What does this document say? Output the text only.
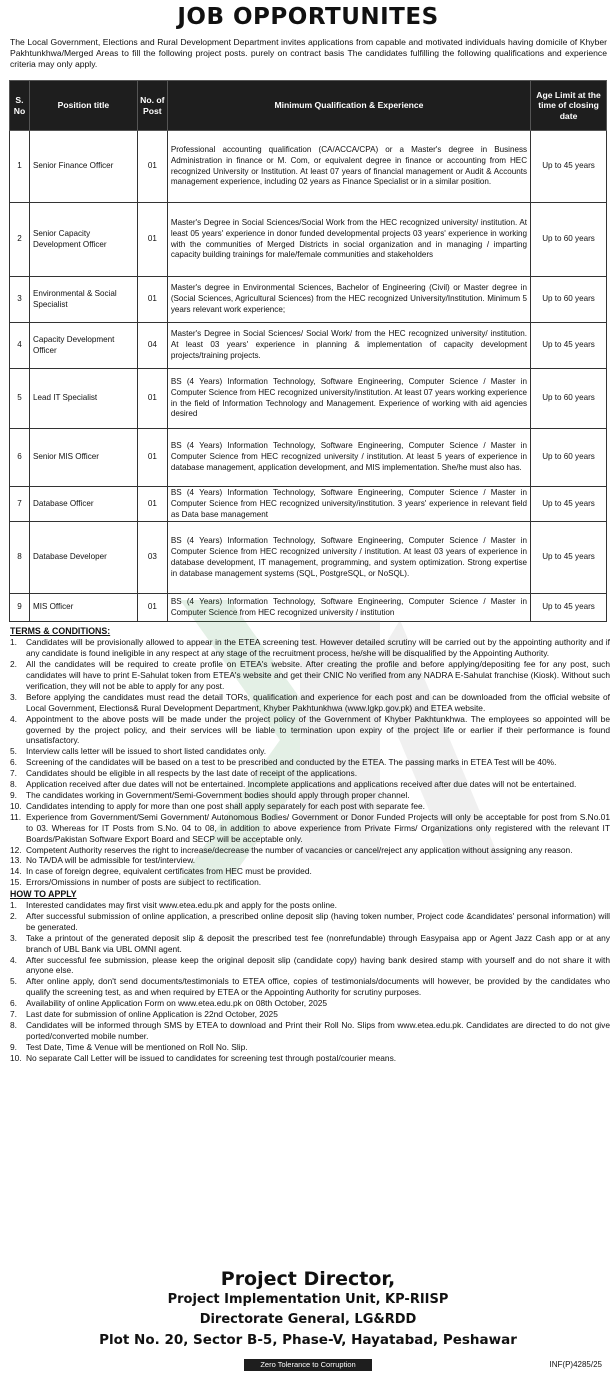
JOB OPPORTUNITES
The Local Government, Elections and Rural Development Department invites applications from capable and motivated individuals having domicile of Khyber Pakhtunkhwa/Merged Areas to fill the following project posts. purely on contract basis The candidates fulfilling the following qualifications and experience criteria may only apply.
S. No	Position title	No. of Post	Minimum Qualification & Experience	Age Limit at the time of closing date
1	Senior Finance Officer	01	Professional accounting qualification (CA/ACCA/CPA) or a Master's degree in Business Administration in finance or M. Com, or equivalent degree in finance or accounting from HEC recognized University or Institution. At least 07 years of financial management or Audit & Accounts management experience, including 02 years as Finance Specialist or in a similar position.	Up to 45 years
2	Senior Capacity Development Officer	01	Master's Degree in Social Sciences/Social Work from the HEC recognized university/ institution. At least 05 years' experience in donor funded developmental projects 03 years' experience in working with the communities of Merged Districts in social organization and in managing / imparting capacity building trainings for male/female communities and stakeholders	Up to 60 years
3	Environmental & Social Specialist	01	Master's degree in Environmental Sciences, Bachelor of Engineering (Civil) or Master degree in (Social Sciences, Agricultural Sciences) from the HEC recognized University/Institution. Minimum 5 years relevant work experience;	Up to 60 years
4	Capacity Development Officer	04	Master's Degree in Social Sciences/ Social Work/ from the HEC recognized university/ institution. At least 03 years' experience in planning & implementation of capacity development projects/training projects.	Up to 45 years
5	Lead IT Specialist	01	BS (4 Years) Information Technology, Software Engineering, Computer Science / Master in Computer Science from HEC recognized university/institution. At least 07 years working experience in the field of Information Technology and Management. Experience of working with aid agencies desired	Up to 60 years
6	Senior MIS Officer	01	BS (4 Years) Information Technology, Software Engineering, Computer Science / Master in Computer Science from HEC recognized university / institution. At least 5 years of experience in database management, application development, and MIS implementation. She/he must also has.	Up to 60 years
7	Database Officer	01	BS (4 Years) Information Technology, Software Engineering, Computer Science / Master in Computer Science from HEC recognized university/institution. 3 years' experience in relevant field as Data base management	Up to 45 years
8	Database Developer	03	BS (4 Years) Information Technology, Software Engineering, Computer Science / Master in Computer Science from HEC recognized university / institution. At least 03 years of experience in database development, IT management, programming, and system optimization. Strong expertise in database management systems (SQL, PostgreSQL, or NoSQL).	Up to 45 years
9	MIS Officer	01	BS (4 Years) Information Technology, Software Engineering, Computer Science / Master in Computer Science from HEC recognized university / institution	Up to 45 years
TERMS & CONDITIONS:
1.	Candidates will be provisionally allowed to appear in the ETEA screening test. However detailed scrutiny will be carried out by the appointing authority and if any candidate is found ineligible in any respect at any stage of the recruitment process, he/she will be disqualified by the Appointing Authority.
2.	All the candidates will be required to create profile on ETEA's website. After creating the profile and before applying/depositing fee for any post, such candidates will have to print E-Sahulat token from ETEA's website and get their CNIC No verified from any NADRA E-Sahulat franchise (Kiosk). Without such verification, they will not be able to apply for any post.
3.	Before applying the candidates must read the detail TORs, qualification and experience for each post and can be downloaded from the official website of Local Government, Elections& Rural Development Department, Khyber Pakhtunkhwa (www.lgkp.gov.pk) and ETEA website.
4.	Appointment to the above posts will be made under the project policy of the Government of Khyber Pakhtunkhwa. The employees so appointed will be governed by the project policy, and their services will be liable to termination upon expiry of the project life or earlier if their performance is found unsatisfactory.
5.	Interview calls letter will be issued to short listed candidates only.
6.	Screening of the candidates will be based on a test to be prescribed and conducted by the ETEA. The passing marks in ETEA Test will be 40%.
7.	Candidates should be eligible in all respects by the last date of receipt of the applications.
8.	Application received after due dates will not be entertained. Incomplete applications and applications received after due dates will not be entertained.
9.	The candidates working in Government/Semi-Government bodies should apply through proper channel.
10. Candidates intending to apply for more than one post shall apply separately for each post with separate fee.
11. Experience from Government/Semi Government/ Autonomous Bodies/ Government or Donor Funded Projects will only be acceptable for post from S.No.01 to 03. Whereas for IT Posts from S.No. 04 to 08, in addition to above experience from Private Firms/ Organizations only registered with the relevant IT Boards/Pakistan Software Export Board and SECP will be acceptable only.
12. Competent Authority reserves the right to increase/decrease the number of vacancies or cancel/reject any application without assigning any reason.
13. No TA/DA will be admissible for test/interview.
14. In case of foreign degree, equivalent certificates from HEC must be provided.
15. Errors/Omissions in number of posts are subject to rectification.
HOW TO APPLY
1.	Interested candidates may first visit www.etea.edu.pk and apply for the posts online.
2.	After successful submission of online application, a prescribed online deposit slip (having token number, Project code &candidates' personal information) will be generated.
3.	Take a printout of the generated deposit slip & deposit the prescribed test fee (nonrefundable) through Easypaisa app or Agent Jazz Cash app or at any branch of UBL Bank via UBL OMNI agent.
4.	After successful fee submission, please keep the original deposit slip (candidate copy) having bank desired stamp with yourself and do not share it with anyone else.
5.	After online apply, don't send documents/testimonials to ETEA office, copies of testimonials/documents will however, be provided by the candidates who qualify the screening test, as and when required by ETEA or the Appointing Authority for scrutiny purposes.
6.	Availability of online Application Form on www.etea.edu.pk on 08th October, 2025
7.	Last date for submission of online Application is 22nd October, 2025
8.	Candidates will be informed through SMS by ETEA to download and Print their Roll No. Slips from www.etea.edu.pk. Candidates are directed to do not give ported/converted mobile number.
9.	Test Date, Time & Venue will be mentioned on Roll No. Slip.
10. No separate Call Letter will be issued to candidates for screening test through postal/courier means.
Project Director,
Project Implementation Unit, KP-RIISP
Directorate General, LG&RDD
Plot No. 20, Sector B-5, Phase-V, Hayatabad, Peshawar
Zero Tolerance to Corruption	INF(P)4285/25
